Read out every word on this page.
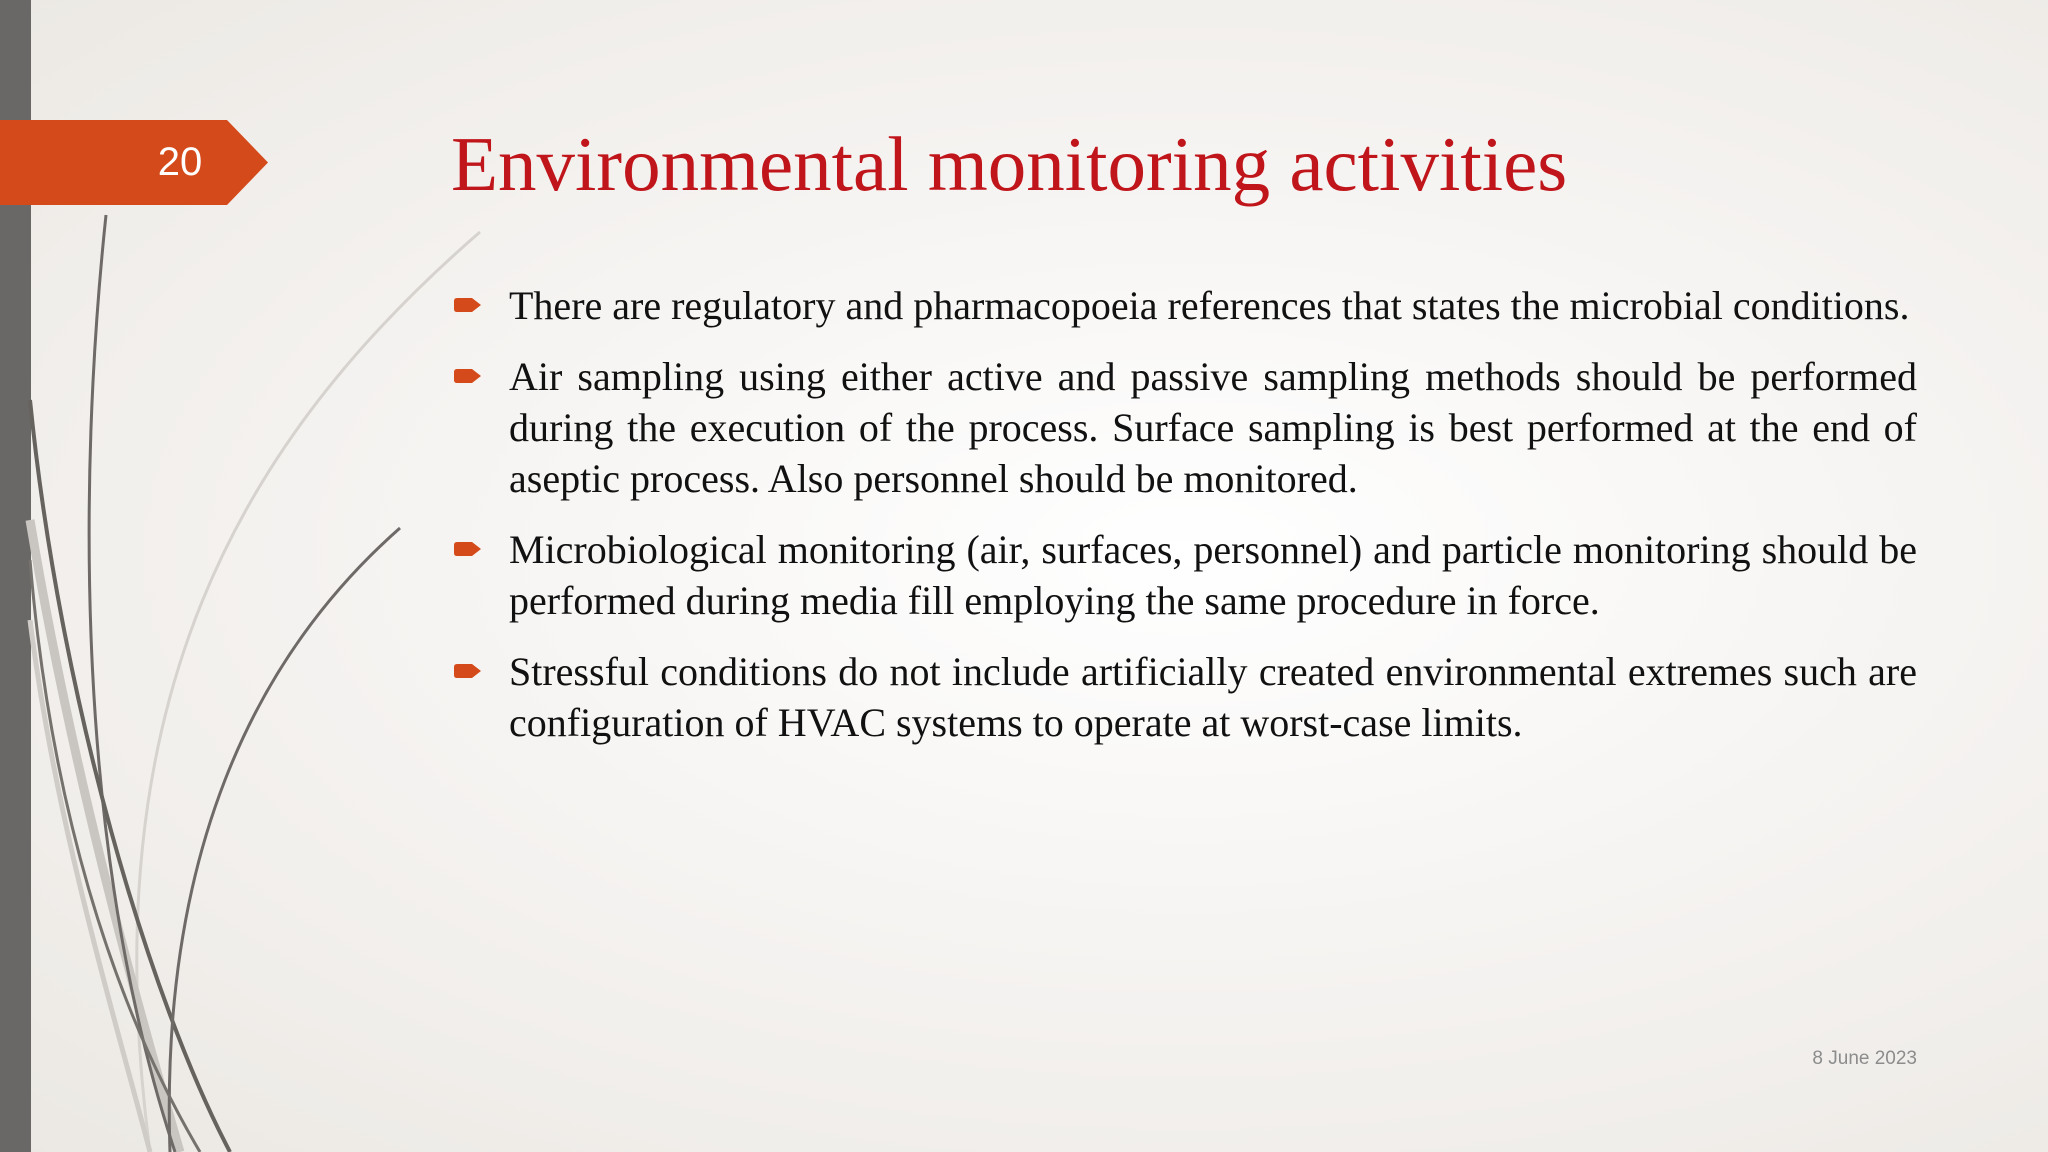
20	Environmental monitoring activities
There are regulatory and pharmacopoeia references that states the microbial conditions.
Air sampling using either active and passive sampling methods should be performed during the execution of the process. Surface sampling is best performed at the end of aseptic process. Also personnel should be monitored.
Microbiological monitoring (air, surfaces, personnel) and particle monitoring should be performed during media fill employing the same procedure in force.
Stressful conditions do not include artificially created environmental extremes such are configuration of HVAC systems to operate at worst-case limits.
8 June 2023
